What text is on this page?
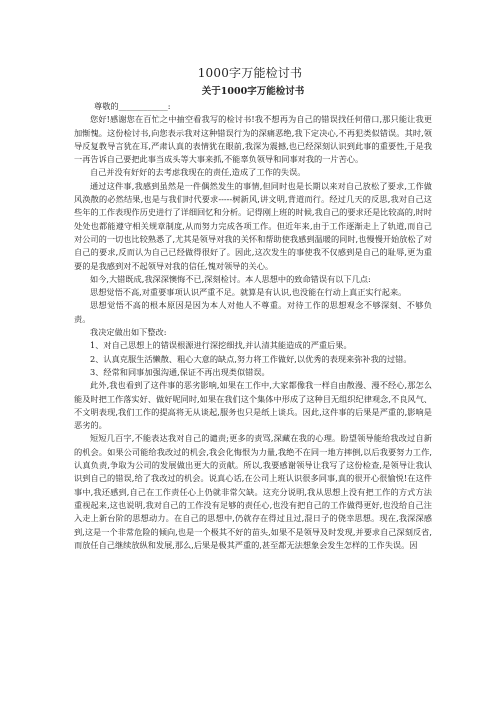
1000字万能检讨书
关于1000字万能检讨书
尊敬的____________:

您好!感谢您在百忙之中抽空看我写的检讨书!我不想再为自己的错误找任何借口,那只能让我更加惭愧。这份检讨书,向您表示我对这种错误行为的深痛恶绝,我下定决心,不再犯类似错误。其时,领导反复教导言犹在耳,严肃认真的表情犹在眼前,我深为震撼,也已经深刻认识到此事的重要性,于是我一再告诉自己要把此事当成头等大事来抓,不能辜负领导和同事对我的一片苦心。

自己并没有好好的去考虑我现在的责任,造成了工作的失误。

通过这件事,我感到虽然是一件偶然发生的事情,但同时也是长期以来对自己放松了要求,工作做风涣散的必然结果,也是与我们时代要求-----树新风,讲文明,背道而行。经过几天的反思,我对自己这些年的工作表现作历史进行了详细回忆和分析。记得刚上班的时候,我自己的要求还是比较高的,时时处处也都能遵守相关规章制度,从而努力完成各项工作。但近年来,由于工作逐渐走上了轨道,而自己对公司的一切也比较熟悉了,尤其是领导对我的关怀和帮助使我感到温暖的同时,也慢慢开始放松了对自己的要求,反而认为自己已经做得很好了。因此,这次发生的事使我不仅感到是自己的耻辱,更为重要的是我感到对不起领导对我的信任,愧对领导的关心。

如今,大错既成,我深深懊悔不已,深刻检讨。本人思想中的致命错误有以下几点:

思想觉悟不高,对重要事项认识严重不足。就算是有认识,也没能在行动上真正实行起来。

思想觉悟不高的根本原因是因为本人对他人不尊重。对待工作的思想观念不够深刻、不够负责。

我决定做出如下整改:

1、对自己思想上的错误根源进行深挖细找,并认清其能造成的严重后果。

2、认真克服生活懒散、粗心大意的缺点,努力将工作做好,以优秀的表现来弥补我的过错。

3、经常和同事加强沟通,保证不再出现类似错误。

此外,我也看到了这件事的恶劣影响,如果在工作中,大家都像我一样自由散漫、漫不经心,那怎么能及时把工作落实好、做好呢同时,如果在我们这个集体中形成了这种目无组织纪律观念,不良风气、不文明表现,我们工作的提高将无从谈起,服务也只是纸上谈兵。因此,这件事的后果是严重的,影响是恶劣的。

短短几百字,不能表达我对自己的谴责;更多的责骂,深藏在我的心理。盼望领导能给我改过自新的机会。如果公司能给我改过的机会,我会化悔恨为力量,我绝不在同一地方摔倒,以后我要努力工作,认真负责,争取为公司的发展做出更大的贡献。所以,我要感谢领导让我写了这份检查,是领导让我认识到自己的错误,给了我改过的机会。说真心话,在公司上班认识很多同事,真的很开心很愉悦!在这件事中,我还感到,自己在工作责任心上仍就非常欠缺。这充分说明,我从思想上没有把工作的方式方法重视起来,这也说明,我对自己的工作没有足够的责任心,也没有把自己的工作做得更好,也没给自己注入走上新台阶的思想动力。在自己的思想中,仍就存在得过且过,混日子的侥幸思想。现在,我深深感到,这是一个非常危险的倾向,也是一个极其不好的苗头,如果不是领导及时发现,并要求自己深刻反省,而放任自己继续放纵和发展,那么,后果是极其严重的,甚至都无法想象会发生怎样的工作失误。因
